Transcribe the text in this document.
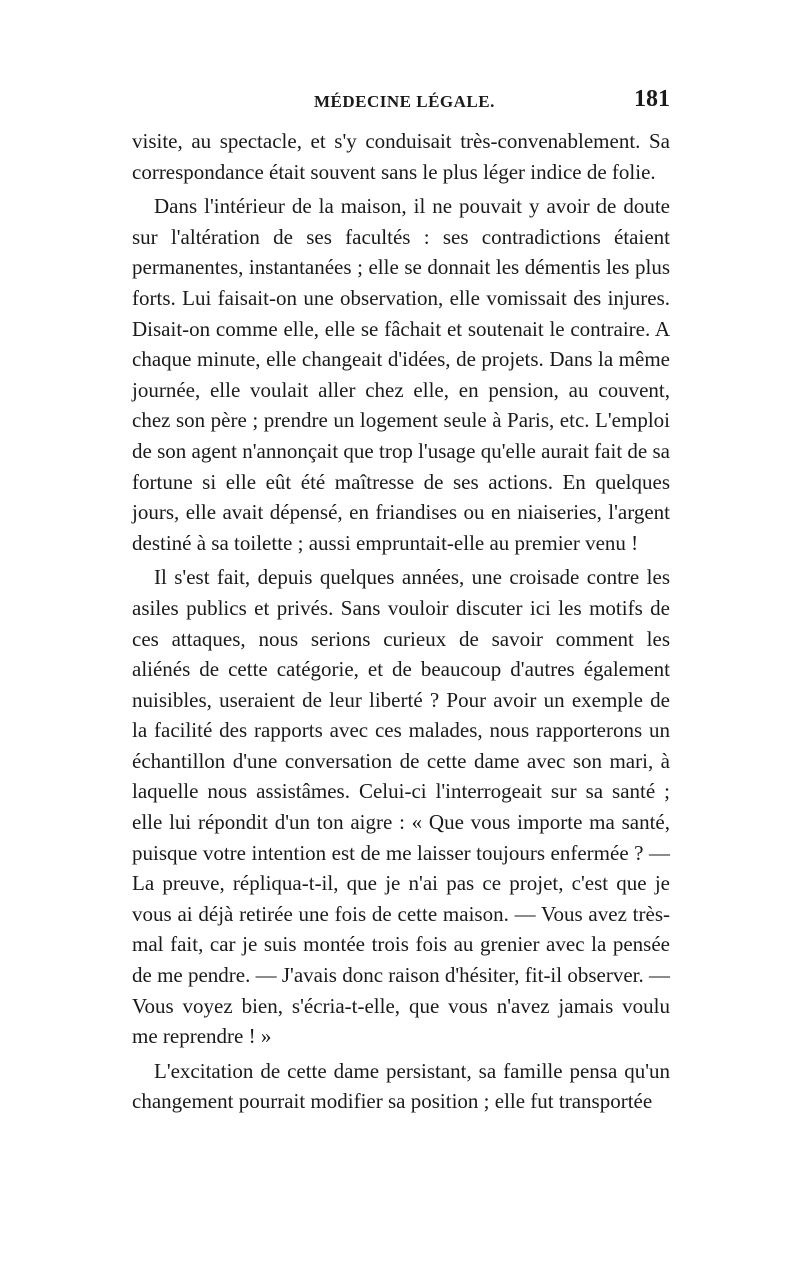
MÉDECINE LÉGALE.	181

visite, au spectacle, et s'y conduisait très-convenablement. Sa correspondance était souvent sans le plus léger indice de folie.

Dans l'intérieur de la maison, il ne pouvait y avoir de doute sur l'altération de ses facultés : ses contradictions étaient permanentes, instantanées ; elle se donnait les démentis les plus forts. Lui faisait-on une observation, elle vomissait des injures. Disait-on comme elle, elle se fâchait et soutenait le contraire. A chaque minute, elle changeait d'idées, de projets. Dans la même journée, elle voulait aller chez elle, en pension, au couvent, chez son père ; prendre un logement seule à Paris, etc. L'emploi de son agent n'annonçait que trop l'usage qu'elle aurait fait de sa fortune si elle eût été maîtresse de ses actions. En quelques jours, elle avait dépensé, en friandises ou en niaiseries, l'argent destiné à sa toilette ; aussi empruntait-elle au premier venu !

Il s'est fait, depuis quelques années, une croisade contre les asiles publics et privés. Sans vouloir discuter ici les motifs de ces attaques, nous serions curieux de savoir comment les aliénés de cette catégorie, et de beaucoup d'autres également nuisibles, useraient de leur liberté ? Pour avoir un exemple de la facilité des rapports avec ces malades, nous rapporterons un échantillon d'une conversation de cette dame avec son mari, à laquelle nous assistâmes. Celui-ci l'interrogeait sur sa santé ; elle lui répondit d'un ton aigre : « Que vous importe ma santé, puisque votre intention est de me laisser toujours enfermée ? — La preuve, répliqua-t-il, que je n'ai pas ce projet, c'est que je vous ai déjà retirée une fois de cette maison. — Vous avez très-mal fait, car je suis montée trois fois au grenier avec la pensée de me pendre. — J'avais donc raison d'hésiter, fit-il observer. — Vous voyez bien, s'écria-t-elle, que vous n'avez jamais voulu me reprendre ! »

L'excitation de cette dame persistant, sa famille pensa qu'un changement pourrait modifier sa position ; elle fut transportée
